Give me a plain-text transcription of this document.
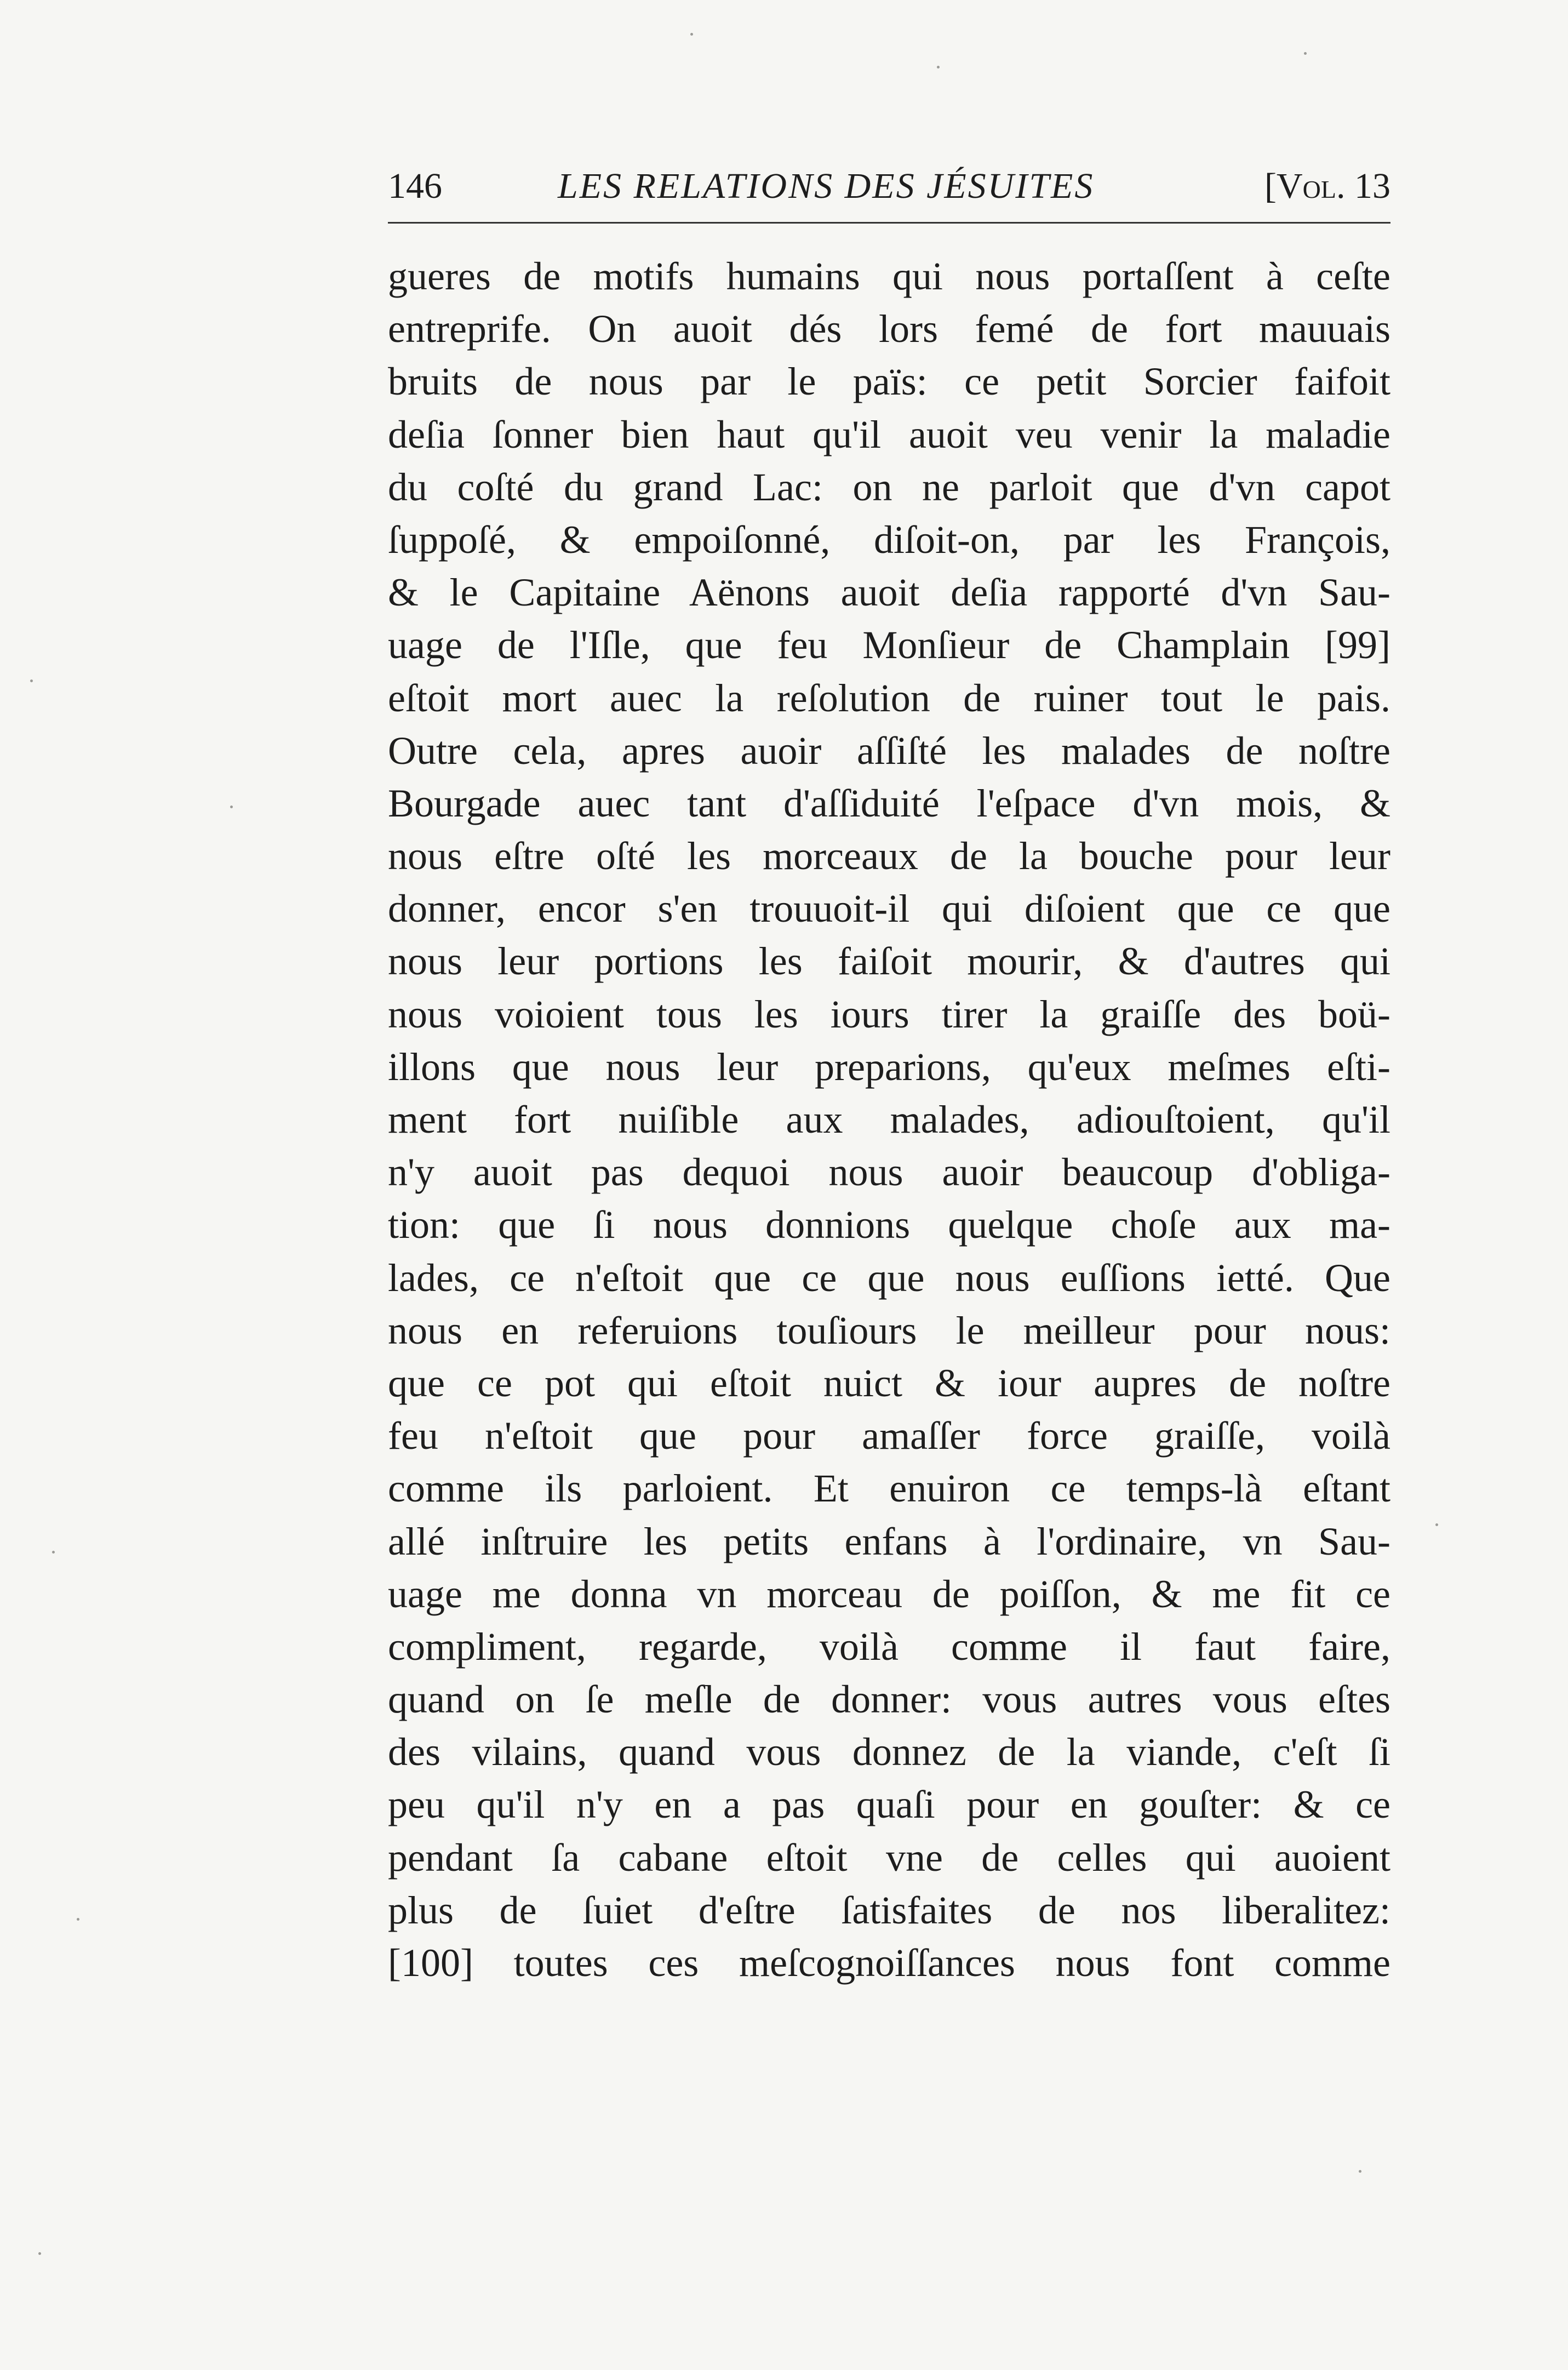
146	LES RELATIONS DES JÉSUITES	[Vol. 13
gueres de motifs humains qui nous portaſſent à ceſte
entreprife. On auoit dés lors femé de fort mauuais
bruits de nous par le païs: ce petit Sorcier faifoit
deſia ſonner bien haut qu'il auoit veu venir la maladie
du coſté du grand Lac: on ne parloit que d'vn capot
ſuppoſé, & empoiſonné, diſoit-on, par les François,
& le Capitaine Aënons auoit deſia rapporté d'vn Sau-
uage de l'Iſle, que feu Monſieur de Champlain [99]
eſtoit mort auec la reſolution de ruiner tout le pais.
Outre cela, apres auoir aſſiſté les malades de noſtre
Bourgade auec tant d'aſſiduité l'eſpace d'vn mois, &
nous eſtre oſté les morceaux de la bouche pour leur
donner, encor s'en trouuoit-il qui diſoient que ce que
nous leur portions les faiſoit mourir, & d'autres qui
nous voioient tous les iours tirer la graiſſe des boü-
illons que nous leur preparions, qu'eux meſmes eſti-
ment fort nuiſible aux malades, adiouſtoient, qu'il
n'y auoit pas dequoi nous auoir beaucoup d'obliga-
tion: que ſi nous donnions quelque choſe aux ma-
lades, ce n'eſtoit que ce que nous euſſions ietté. Que
nous en referuions touſiours le meilleur pour nous:
que ce pot qui eſtoit nuict & iour aupres de noſtre
feu n'eſtoit que pour amaſſer force graiſſe, voilà
comme ils parloient. Et enuiron ce temps-là eſtant
allé inſtruire les petits enfans à l'ordinaire, vn Sau-
uage me donna vn morceau de poiſſon, & me fit ce
compliment, regarde, voilà comme il faut faire,
quand on ſe meſle de donner: vous autres vous eſtes
des vilains, quand vous donnez de la viande, c'eſt ſi
peu qu'il n'y en a pas quaſi pour en gouſter: & ce
pendant ſa cabane eſtoit vne de celles qui auoient
plus de ſuiet d'eſtre ſatisfaites de nos liberalitez:
[100] toutes ces meſcognoiſſances nous font comme
